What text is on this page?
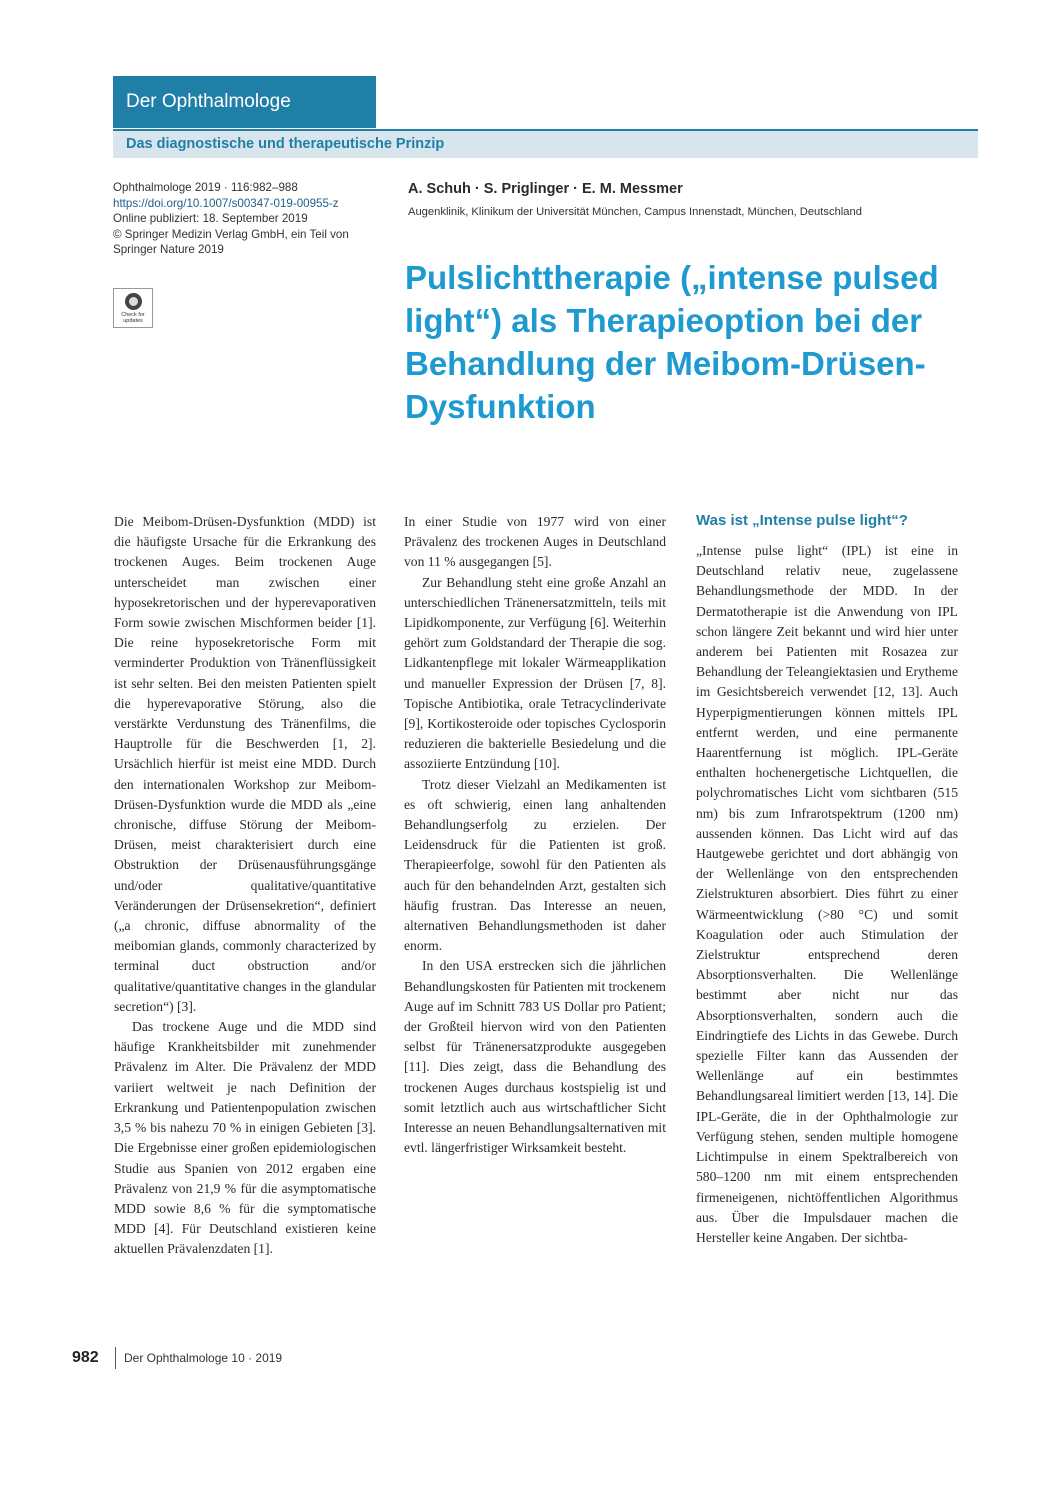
Der Ophthalmologe
Das diagnostische und therapeutische Prinzip
Ophthalmologe 2019 · 116:982–988
https://doi.org/10.1007/s00347-019-00955-z
Online publiziert: 18. September 2019
© Springer Medizin Verlag GmbH, ein Teil von
Springer Nature 2019
Check for updates
A. Schuh · S. Priglinger · E. M. Messmer
Augenklinik, Klinikum der Universität München, Campus Innenstadt, München, Deutschland
Pulslichttherapie („intense pulsed light“) als Therapieoption bei der Behandlung der Meibom-Drüsen-Dysfunktion

Die Meibom-Drüsen-Dysfunktion (MDD) ist die häufigste Ursache für die Erkrankung des trockenen Auges. Beim trockenen Auge unterscheidet man zwischen einer hyposekretorischen und der hyperevaporativen Form sowie zwischen Mischformen beider [1]. Die reine hyposekretorische Form mit verminderter Produktion von Tränenflüssigkeit ist sehr selten. Bei den meisten Patienten spielt die hyperevaporative Störung, also die verstärkte Verdunstung des Tränenfilms, die Hauptrolle für die Beschwerden [1, 2]. Ursächlich hierfür ist meist eine MDD. Durch den internationalen Workshop zur Meibom-Drüsen-Dysfunktion wurde die MDD als „eine chronische, diffuse Störung der Meibom-Drüsen, meist charakterisiert durch eine Obstruktion der Drüsenausführungsgänge und/oder qualitative/quantitative Veränderungen der Drüsensekretion“, definiert („a chronic, diffuse abnormality of the meibomian glands, commonly characterized by terminal duct obstruction and/or qualitative/quantitative changes in the glandular secretion“) [3].

Das trockene Auge und die MDD sind häufige Krankheitsbilder mit zunehmender Prävalenz im Alter. Die Prävalenz der MDD variiert weltweit je nach Definition der Erkrankung und Patientenpopulation zwischen 3,5 % bis nahezu 70 % in einigen Gebieten [3]. Die Ergebnisse einer großen epidemiologischen Studie aus Spanien von 2012 ergaben eine Prävalenz von 21,9 % für die asymptomatische MDD sowie 8,6 % für die symptomatische MDD [4]. Für Deutschland existieren keine aktuellen Prävalenzdaten [1].

In einer Studie von 1977 wird von einer Prävalenz des trockenen Auges in Deutschland von 11 % ausgegangen [5].

Zur Behandlung steht eine große Anzahl an unterschiedlichen Tränenersatzmitteln, teils mit Lipidkomponente, zur Verfügung [6]. Weiterhin gehört zum Goldstandard der Therapie die sog. Lidkantenpflege mit lokaler Wärmeapplikation und manueller Expression der Drüsen [7, 8]. Topische Antibiotika, orale Tetracyclinderivate [9], Kortikosteroide oder topisches Cyclosporin reduzieren die bakterielle Besiedelung und die assoziierte Entzündung [10].

Trotz dieser Vielzahl an Medikamenten ist es oft schwierig, einen lang anhaltenden Behandlungserfolg zu erzielen. Der Leidensdruck für die Patienten ist groß. Therapieerfolge, sowohl für den Patienten als auch für den behandelnden Arzt, gestalten sich häufig frustran. Das Interesse an neuen, alternativen Behandlungsmethoden ist daher enorm.

In den USA erstrecken sich die jährlichen Behandlungskosten für Patienten mit trockenem Auge auf im Schnitt 783 US Dollar pro Patient; der Großteil hiervon wird von den Patienten selbst für Tränenersatzprodukte ausgegeben [11]. Dies zeigt, dass die Behandlung des trockenen Auges durchaus kostspielig ist und somit letztlich auch aus wirtschaftlicher Sicht Interesse an neuen Behandlungsalternativen mit evtl. längerfristiger Wirksamkeit besteht.

Was ist „Intense pulse light“?

„Intense pulse light“ (IPL) ist eine in Deutschland relativ neue, zugelassene Behandlungsmethode der MDD. In der Dermatotherapie ist die Anwendung von IPL schon längere Zeit bekannt und wird hier unter anderem bei Patienten mit Rosazea zur Behandlung der Teleangiektasien und Erytheme im Gesichtsbereich verwendet [12, 13]. Auch Hyperpigmentierungen können mittels IPL entfernt werden, und eine permanente Haarentfernung ist möglich. IPL-Geräte enthalten hochenergetische Lichtquellen, die polychromatisches Licht vom sichtbaren (515 nm) bis zum Infrarotspektrum (1200 nm) aussenden können. Das Licht wird auf das Hautgewebe gerichtet und dort abhängig von der Wellenlänge von den entsprechenden Zielstrukturen absorbiert. Dies führt zu einer Wärmeentwicklung (>80 °C) und somit Koagulation oder auch Stimulation der Zielstruktur entsprechend deren Absorptionsverhalten. Die Wellenlänge bestimmt aber nicht nur das Absorptionsverhalten, sondern auch die Eindringtiefe des Lichts in das Gewebe. Durch spezielle Filter kann das Aussenden der Wellenlänge auf ein bestimmtes Behandlungsareal limitiert werden [13, 14]. Die IPL-Geräte, die in der Ophthalmologie zur Verfügung stehen, senden multiple homogene Lichtimpulse in einem Spektralbereich von 580–1200 nm mit einem entsprechenden firmeneigenen, nichtöffentlichen Algorithmus aus. Über die Impulsdauer machen die Hersteller keine Angaben. Der sichtba-

982 Der Ophthalmologe 10 · 2019
